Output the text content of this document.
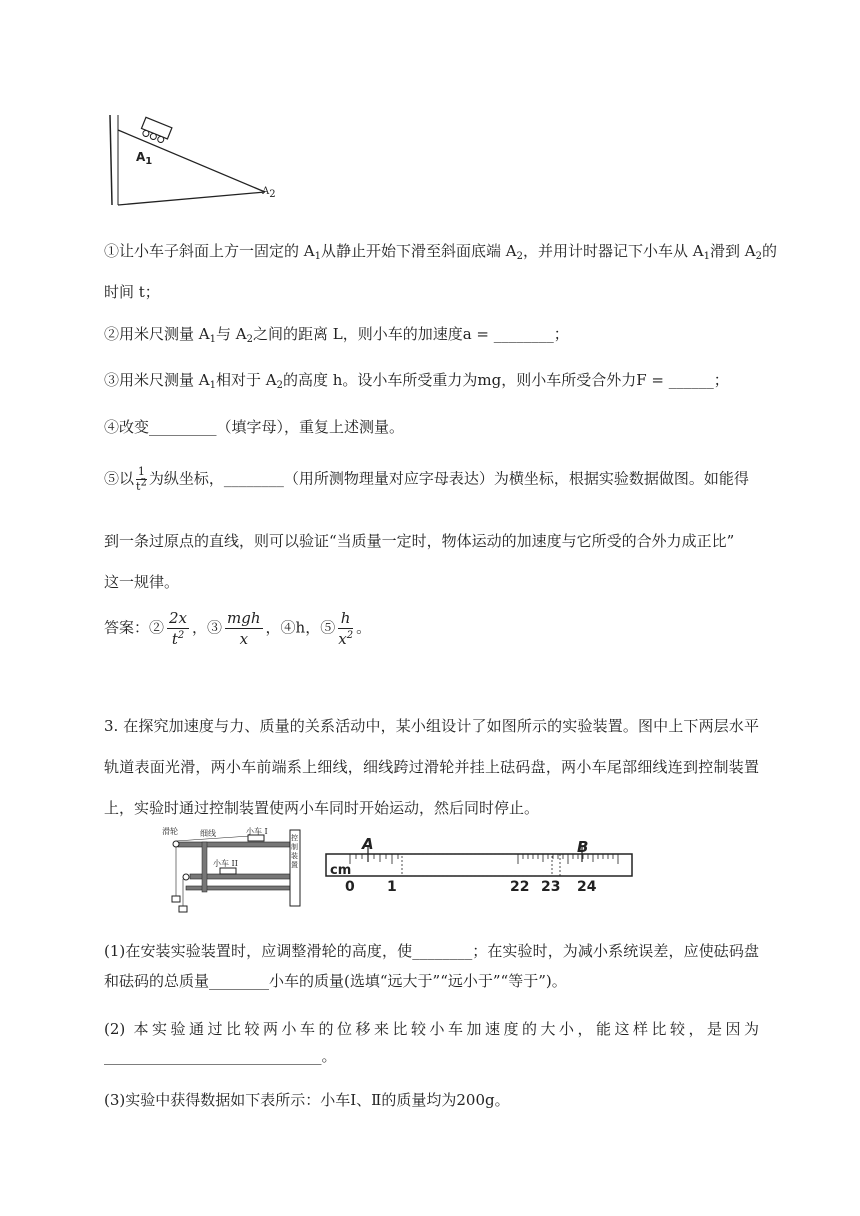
$A_1$
$A_2$
①让小车子斜面上方一固定的 $A_1$从静止开始下滑至斜面底端 $A_2$，并用计时器记下小车从 $A_1$滑到 $A_2$的
时间 t；
②用米尺测量 $A_1$与 $A_2$之间的距离 L，则小车的加速度a = ________；
③用米尺测量 $A_1$相对于 $A_2$的高度 h。设小车所受重力为mg，则小车所受合外力F = ______；
④改变_________（填字母），重复上述测量。
⑤以 $\frac{1}{t^2}$ 为纵坐标，________（用所测物理量对应字母表达）为横坐标，根据实验数据做图。如能得
到一条过原点的直线，则可以验证“当质量一定时，物体运动的加速度与它所受的合外力成正比”
这一规律。
答案：② $\frac{2x}{t^2}$ ，③ $\frac{\text{mgh}}{x}$ ，④h，⑤ $\frac{h}{x^2}$ 。
3. 在探究加速度与力、质量的关系活动中，某小组设计了如图所示的实验装置。图中上下两层水平
轨道表面光滑，两小车前端系上细线，细线跨过滑轮并挂上砝码盘，两小车尾部细线连到控制装置
上，实验时通过控制装置使两小车同时开始运动，然后同时停止。
滑轮	细线	小车 I
小车 II
控制装置
A	B
cm
0 1	22 23 24
(1)在安装实验装置时，应调整滑轮的高度，使________；在实验时，为减小系统误差，应使砝码盘
和砝码的总质量________小车的质量(选填“远大于”“远小于”“等于”)。
(2) 本实验通过比较两小车的位移来比较小车加速度的大小，能这样比较，是因为
_____________________________。
(3)实验中获得数据如下表所示：小车Ⅰ、Ⅱ的质量均为200g。
